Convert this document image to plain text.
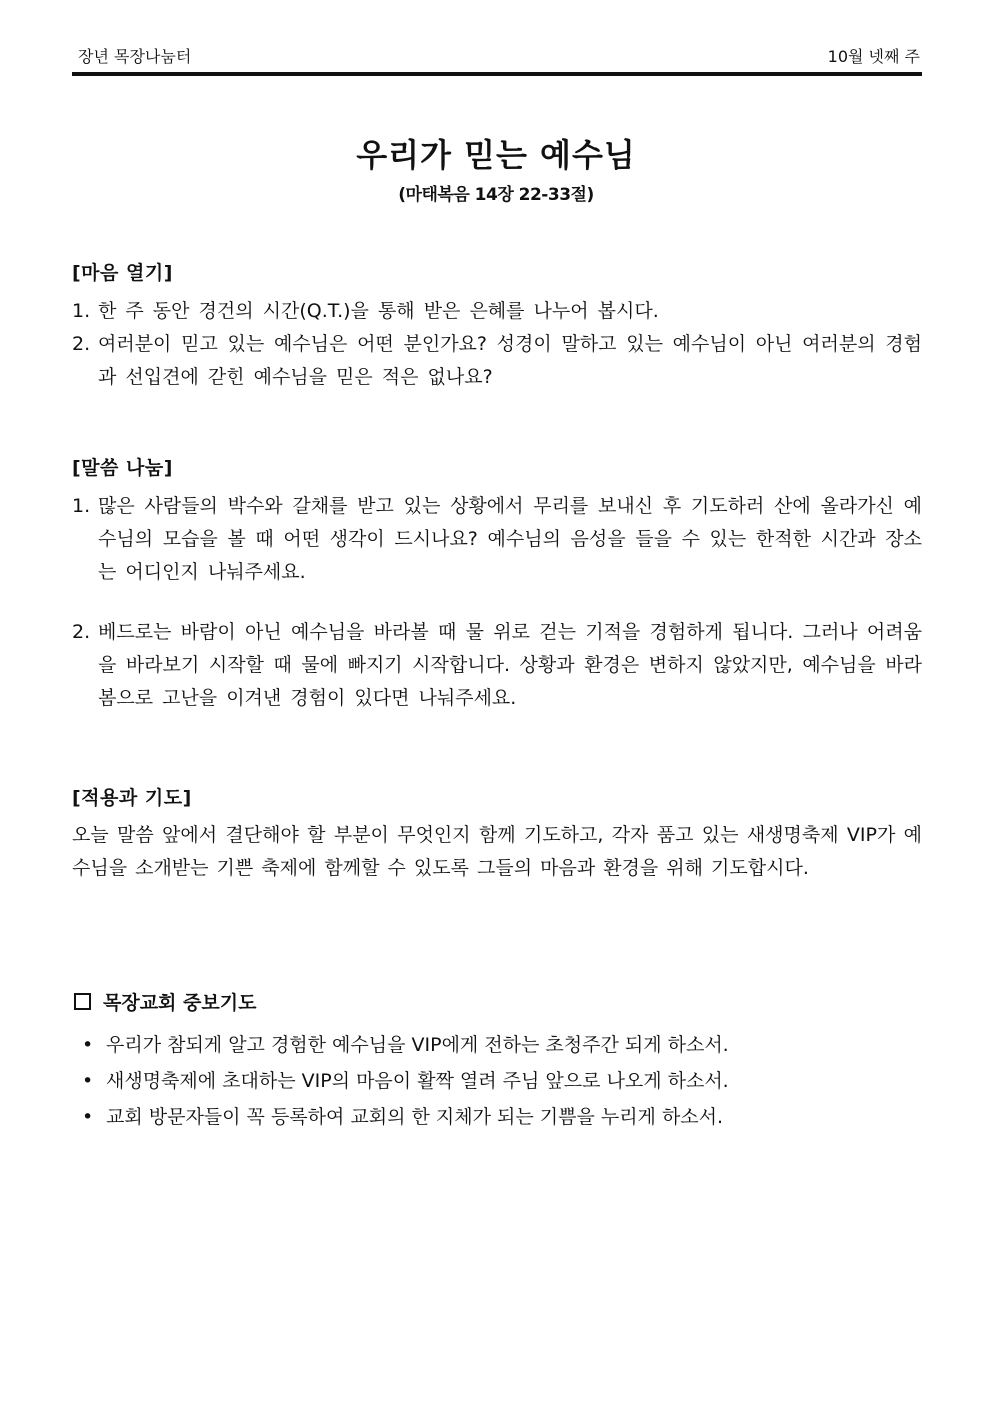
장년 목장나눔터	10월 넷째 주
우리가 믿는 예수님
(마태복음 14장 22-33절)
[마음 열기]
1. 한 주 동안 경건의 시간(Q.T.)을 통해 받은 은혜를 나누어 봅시다.
2. 여러분이 믿고 있는 예수님은 어떤 분인가요? 성경이 말하고 있는 예수님이 아닌 여러분의 경험과 선입견에 갇힌 예수님을 믿은 적은 없나요?
[말씀 나눔]
1. 많은 사람들의 박수와 갈채를 받고 있는 상황에서 무리를 보내신 후 기도하러 산에 올라가신 예수님의 모습을 볼 때 어떤 생각이 드시나요? 예수님의 음성을 들을 수 있는 한적한 시간과 장소는 어디인지 나눠주세요.
2. 베드로는 바람이 아닌 예수님을 바라볼 때 물 위로 걷는 기적을 경험하게 됩니다. 그러나 어려움을 바라보기 시작할 때 물에 빠지기 시작합니다. 상황과 환경은 변하지 않았지만, 예수님을 바라봄으로 고난을 이겨낸 경험이 있다면 나눠주세요.
[적용과 기도]
오늘 말씀 앞에서 결단해야 할 부분이 무엇인지 함께 기도하고, 각자 품고 있는 새생명축제 VIP가 예수님을 소개받는 기쁜 축제에 함께할 수 있도록 그들의 마음과 환경을 위해 기도합시다.
목장교회 중보기도
• 우리가 참되게 알고 경험한 예수님을 VIP에게 전하는 초청주간 되게 하소서.
• 새생명축제에 초대하는 VIP의 마음이 활짝 열려 주님 앞으로 나오게 하소서.
• 교회 방문자들이 꼭 등록하여 교회의 한 지체가 되는 기쁨을 누리게 하소서.
